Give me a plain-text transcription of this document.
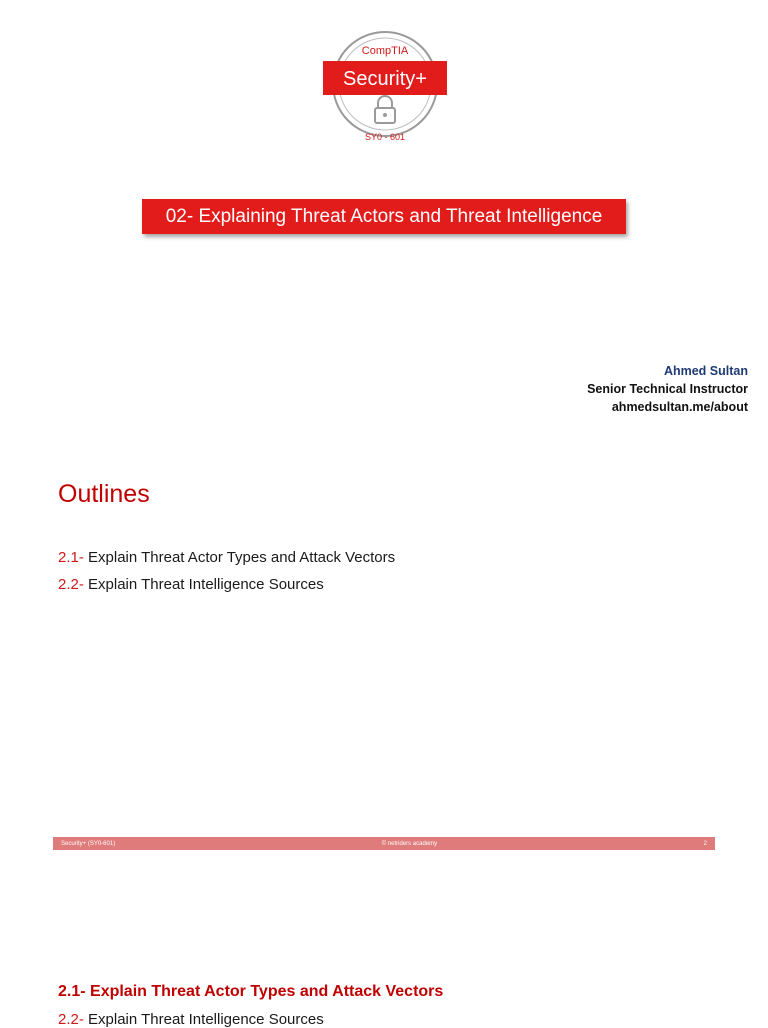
CompTIA
Security+
SY0 - 601
02- Explaining Threat Actors and Threat Intelligence
Ahmed Sultan
Senior Technical Instructor
ahmedsultan.me/about
Outlines
2.1- Explain Threat Actor Types and Attack Vectors
2.2- Explain Threat Intelligence Sources
Security+ (SY0-601)	© netriders academy	2
2.1- Explain Threat Actor Types and Attack Vectors
2.2- Explain Threat Intelligence Sources
